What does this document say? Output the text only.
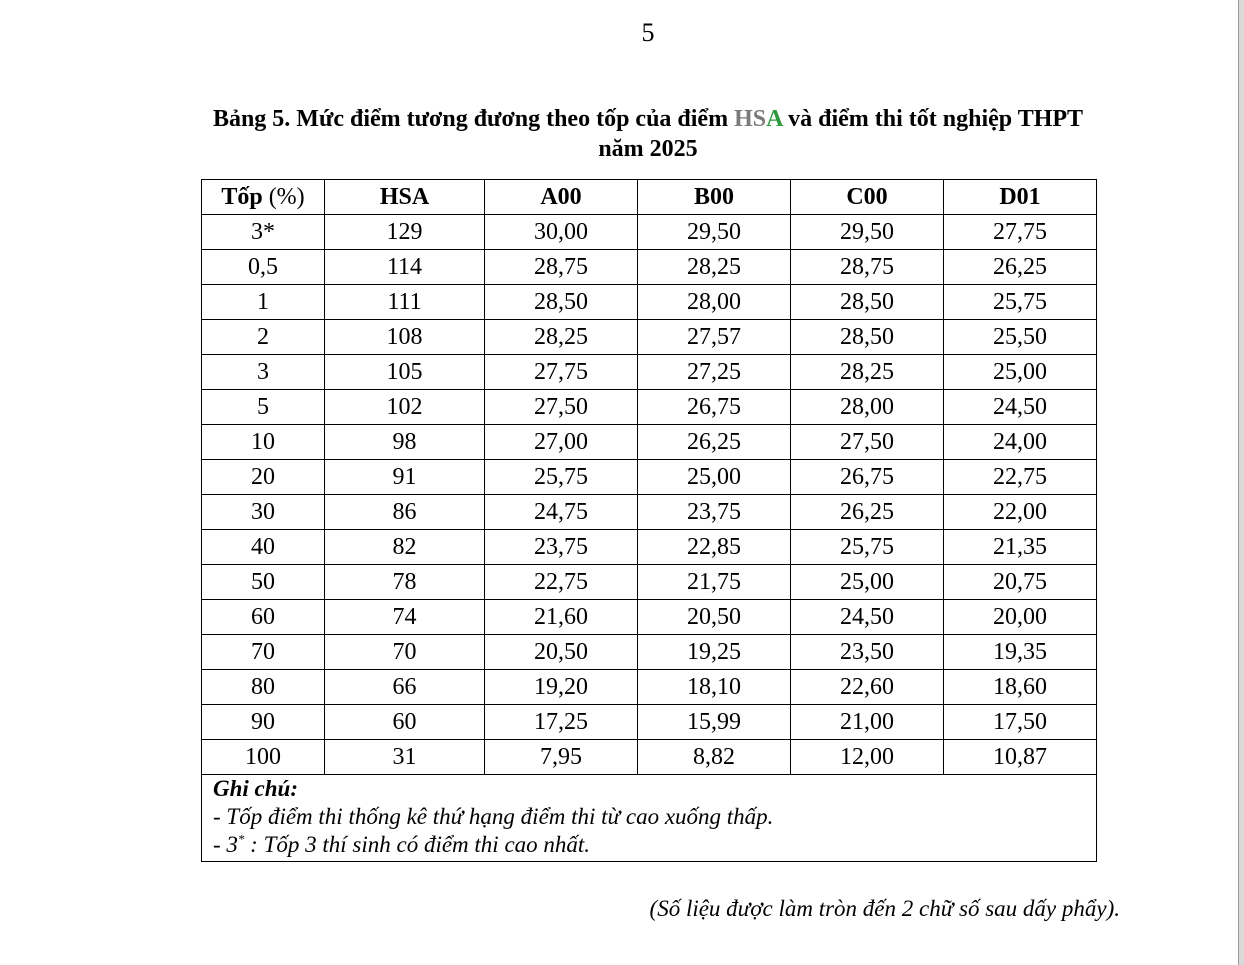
5
Bảng 5. Mức điểm tương đương theo tốp của điểm HSA và điểm thi tốt nghiệp THPT
năm 2025
Tốp (%)	HSA	A00	B00	C00	D01
3*	129	30,00	29,50	29,50	27,75
0,5	114	28,75	28,25	28,75	26,25
1	111	28,50	28,00	28,50	25,75
2	108	28,25	27,57	28,50	25,50
3	105	27,75	27,25	28,25	25,00
5	102	27,50	26,75	28,00	24,50
10	98	27,00	26,25	27,50	24,00
20	91	25,75	25,00	26,75	22,75
30	86	24,75	23,75	26,25	22,00
40	82	23,75	22,85	25,75	21,35
50	78	22,75	21,75	25,00	20,75
60	74	21,60	20,50	24,50	20,00
70	70	20,50	19,25	23,50	19,35
80	66	19,20	18,10	22,60	18,60
90	60	17,25	15,99	21,00	17,50
100	31	7,95	8,82	12,00	10,87

Ghi chú:
- Tốp điểm thi thống kê thứ hạng điểm thi từ cao xuống thấp.
- 3* : Tốp 3 thí sinh có điểm thi cao nhất.					
(Số liệu được làm tròn đến 2 chữ số sau dấy phẩy).
